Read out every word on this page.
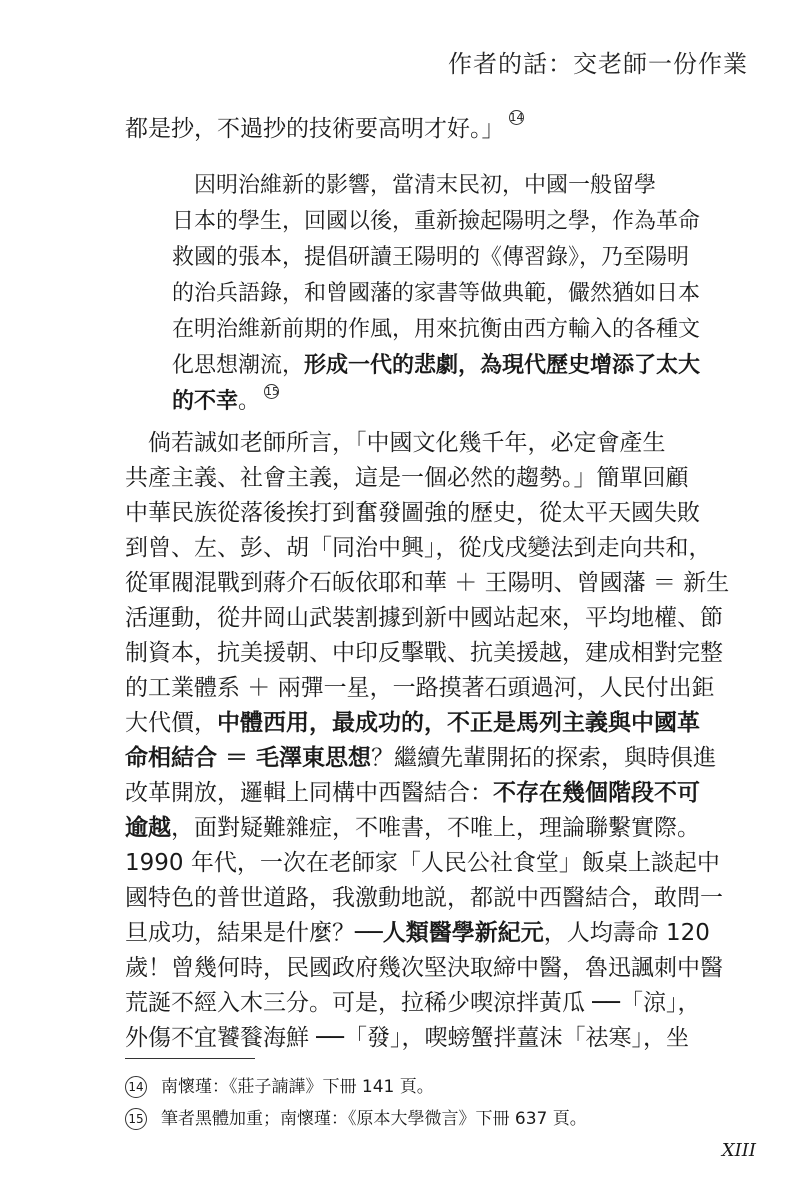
作者的話：交老師一份作業
都是抄，不過抄的技術要高明才好。」 $^{14}$
　因明治維新的影響，當清末民初，中國一般留學
日本的學生，回國以後，重新撿起陽明之學，作為革命
救國的張本，提倡研讀王陽明的《傳習錄》，乃至陽明
的治兵語錄，和曾國藩的家書等做典範，儼然猶如日本
在明治維新前期的作風，用來抗衡由西方輸入的各種文
化思想潮流，形成一代的悲劇，為現代歷史增添了太大
的不幸。 $^{15}$
　倘若誠如老師所言，「中國文化幾千年，必定會產生
共產主義、社會主義，這是一個必然的趨勢。」簡單回顧
中華民族從落後挨打到奮發圖強的歷史，從太平天國失敗
到曾、左、彭、胡「同治中興」，從戊戌變法到走向共和，
從軍閥混戰到蔣介石皈依耶和華 ＋ 王陽明、曾國藩 ＝ 新生
活運動，從井岡山武裝割據到新中國站起來，平均地權、節
制資本，抗美援朝、中印反擊戰、抗美援越，建成相對完整
的工業體系 ＋ 兩彈一星，一路摸著石頭過河，人民付出鉅
大代價，中體西用，最成功的，不正是馬列主義與中國革
命相結合 ＝ 毛澤東思想？繼續先輩開拓的探索，與時俱進
改革開放，邏輯上同構中西醫結合：不存在幾個階段不可
逾越，面對疑難雜症，不唯書，不唯上，理論聯繫實際。
1990 年代，一次在老師家「人民公社食堂」飯桌上談起中
國特色的普世道路，我激動地説，都説中西醫結合，敢問一
旦成功，結果是什麼？──人類醫學新紀元，人均壽命 120
歲！曾幾何時，民國政府幾次堅決取締中醫，魯迅諷刺中醫
荒誕不經入木三分。可是，拉稀少喫涼拌黃瓜 ──「涼」，
外傷不宜饕餮海鮮 ──「發」，喫螃蟹拌薑沫「祛寒」，坐
14 南懷瑾：《莊子諵譁》下冊 141 頁。
15 筆者黑體加重；南懷瑾：《原本大學微言》下冊 637 頁。
XIII
